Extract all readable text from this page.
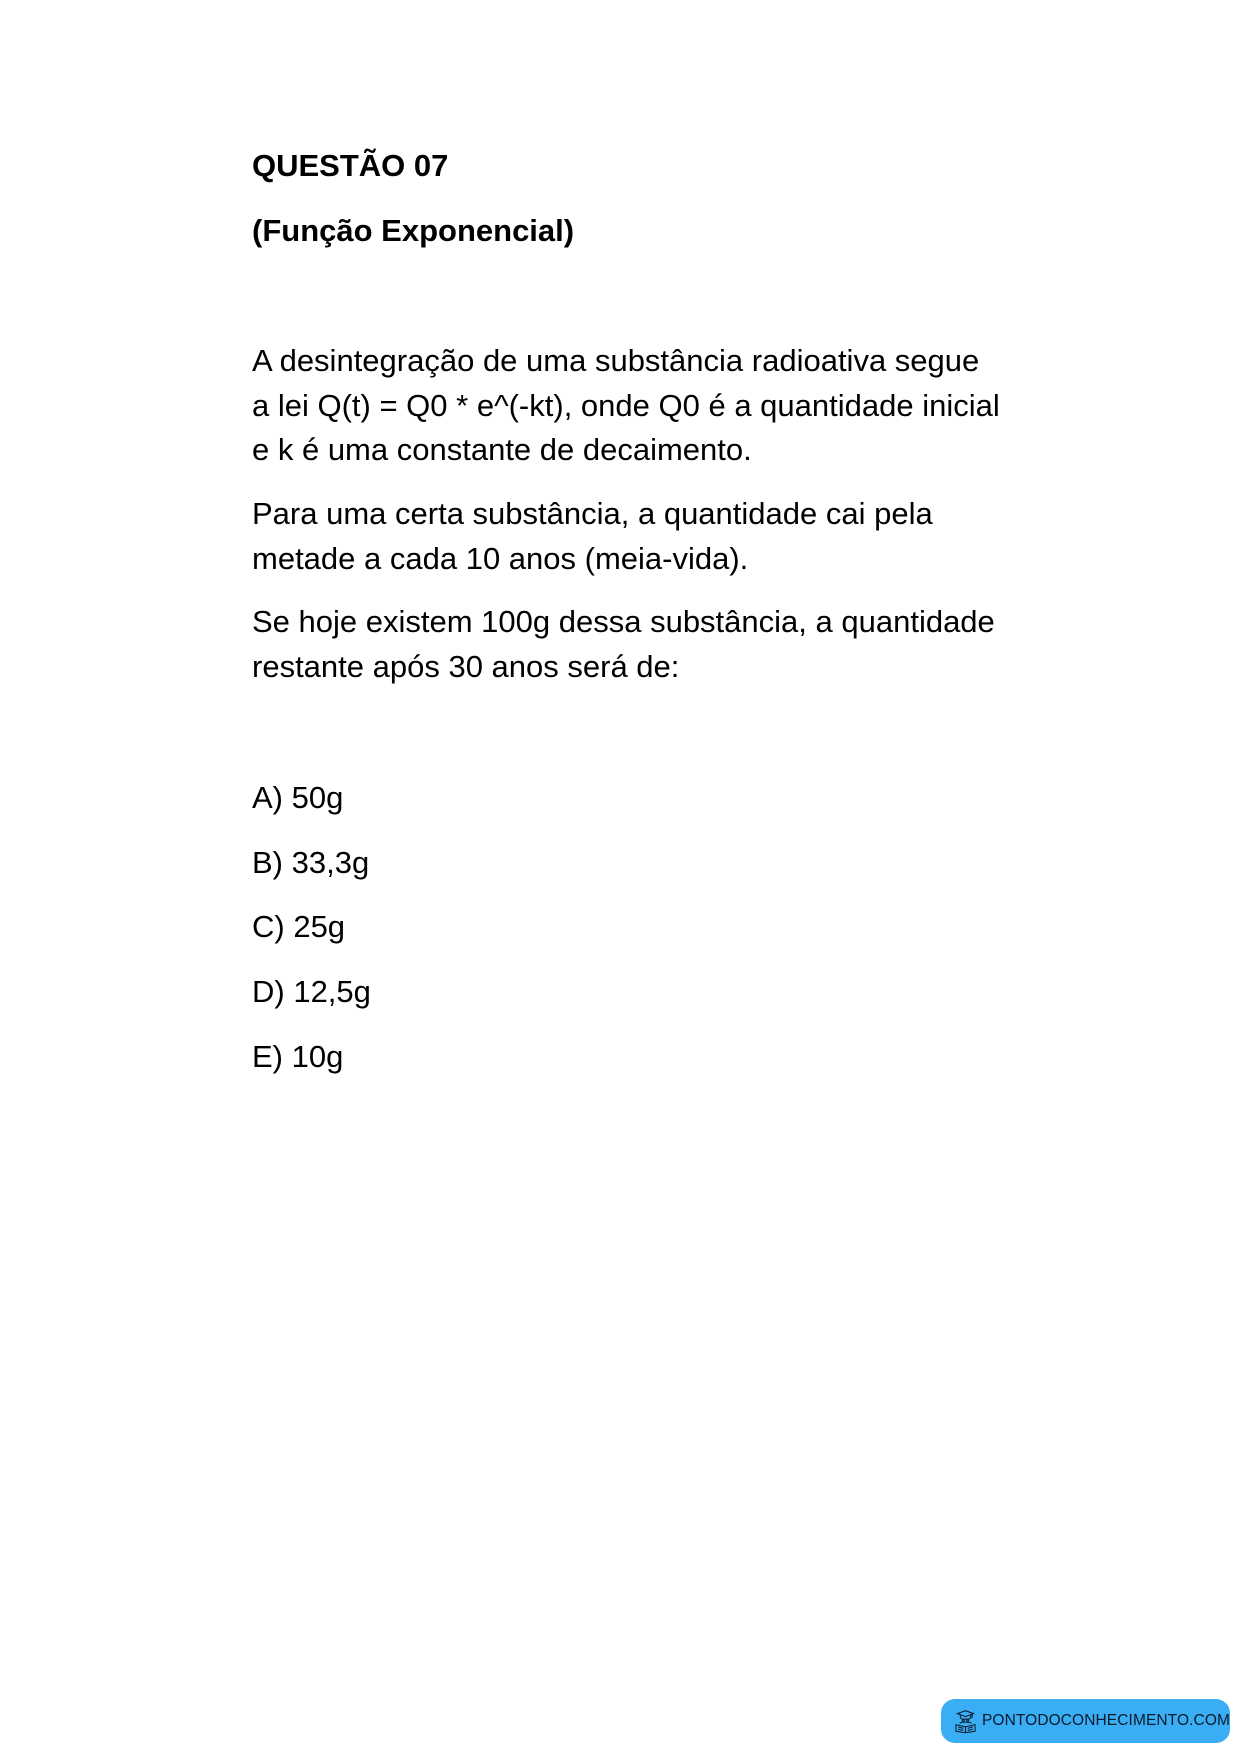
QUESTÃO 07
(Função Exponencial)
A desintegração de uma substância radioativa segue
a lei Q(t) = Q0 * e^(-kt), onde Q0 é a quantidade inicial
e k é uma constante de decaimento.
Para uma certa substância, a quantidade cai pela
metade a cada 10 anos (meia-vida).
Se hoje existem 100g dessa substância, a quantidade
restante após 30 anos será de:
A) 50g
B) 33,3g
C) 25g
D) 12,5g
E) 10g
PONTODOCONHECIMENTO.COM
